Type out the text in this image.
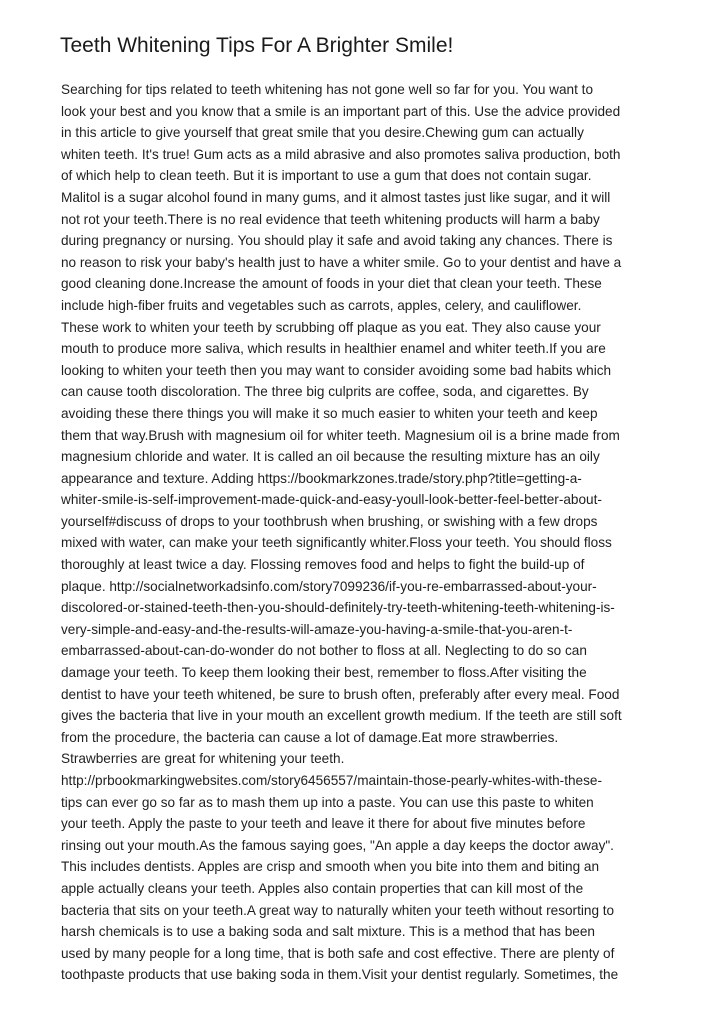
Teeth Whitening Tips For A Brighter Smile!
Searching for tips related to teeth whitening has not gone well so far for you. You want to
look your best and you know that a smile is an important part of this. Use the advice provided
in this article to give yourself that great smile that you desire.Chewing gum can actually
whiten teeth. It's true! Gum acts as a mild abrasive and also promotes saliva production, both
of which help to clean teeth. But it is important to use a gum that does not contain sugar.
Malitol is a sugar alcohol found in many gums, and it almost tastes just like sugar, and it will
not rot your teeth.There is no real evidence that teeth whitening products will harm a baby
during pregnancy or nursing. You should play it safe and avoid taking any chances. There is
no reason to risk your baby's health just to have a whiter smile. Go to your dentist and have a
good cleaning done.Increase the amount of foods in your diet that clean your teeth. These
include high-fiber fruits and vegetables such as carrots, apples, celery, and cauliflower.
These work to whiten your teeth by scrubbing off plaque as you eat. They also cause your
mouth to produce more saliva, which results in healthier enamel and whiter teeth.If you are
looking to whiten your teeth then you may want to consider avoiding some bad habits which
can cause tooth discoloration. The three big culprits are coffee, soda, and cigarettes. By
avoiding these there things you will make it so much easier to whiten your teeth and keep
them that way.Brush with magnesium oil for whiter teeth. Magnesium oil is a brine made from
magnesium chloride and water. It is called an oil because the resulting mixture has an oily
appearance and texture. Adding https://bookmarkzones.trade/story.php?title=getting-a-
whiter-smile-is-self-improvement-made-quick-and-easy-youll-look-better-feel-better-about-
yourself#discuss of drops to your toothbrush when brushing, or swishing with a few drops
mixed with water, can make your teeth significantly whiter.Floss your teeth. You should floss
thoroughly at least twice a day. Flossing removes food and helps to fight the build-up of
plaque. http://socialnetworkadsinfo.com/story7099236/if-you-re-embarrassed-about-your-
discolored-or-stained-teeth-then-you-should-definitely-try-teeth-whitening-teeth-whitening-is-
very-simple-and-easy-and-the-results-will-amaze-you-having-a-smile-that-you-aren-t-
embarrassed-about-can-do-wonder do not bother to floss at all. Neglecting to do so can
damage your teeth. To keep them looking their best, remember to floss.After visiting the
dentist to have your teeth whitened, be sure to brush often, preferably after every meal. Food
gives the bacteria that live in your mouth an excellent growth medium. If the teeth are still soft
from the procedure, the bacteria can cause a lot of damage.Eat more strawberries.
Strawberries are great for whitening your teeth.
http://prbookmarkingwebsites.com/story6456557/maintain-those-pearly-whites-with-these-
tips can ever go so far as to mash them up into a paste. You can use this paste to whiten
your teeth. Apply the paste to your teeth and leave it there for about five minutes before
rinsing out your mouth.As the famous saying goes, "An apple a day keeps the doctor away".
This includes dentists. Apples are crisp and smooth when you bite into them and biting an
apple actually cleans your teeth. Apples also contain properties that can kill most of the
bacteria that sits on your teeth.A great way to naturally whiten your teeth without resorting to
harsh chemicals is to use a baking soda and salt mixture. This is a method that has been
used by many people for a long time, that is both safe and cost effective. There are plenty of
toothpaste products that use baking soda in them.Visit your dentist regularly. Sometimes, the
